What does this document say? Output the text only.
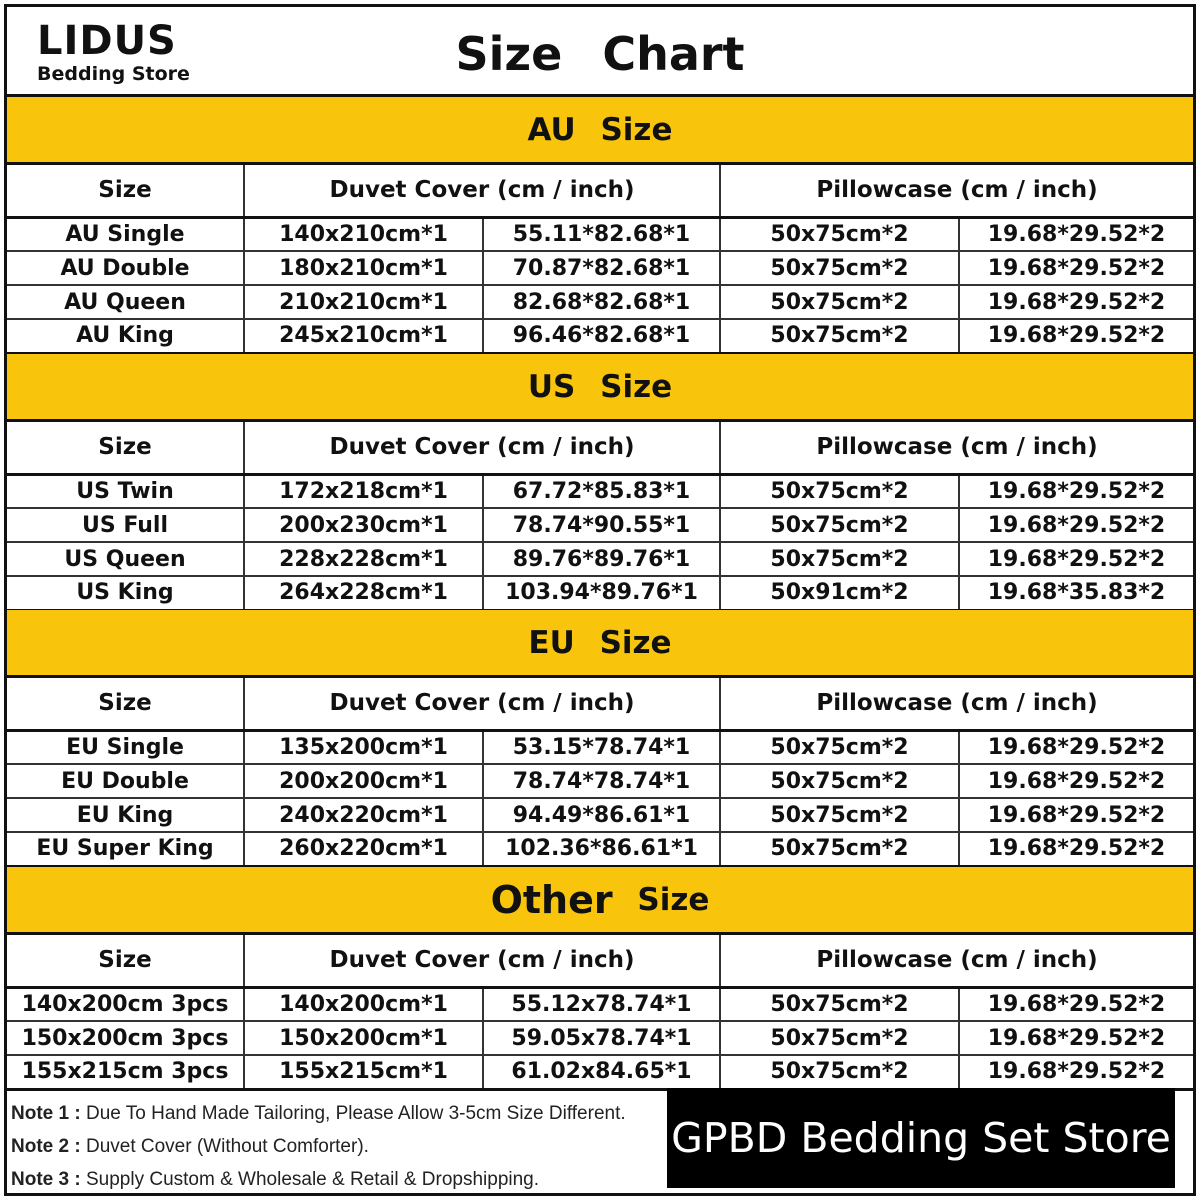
LIDUS
Bedding Store	Size Chart
AU
Size
Size	Duvet Cover (cm / inch)		Pillowcase (cm / inch)	
AU Single	140x210cm*1	55.11*82.68*1	50x75cm*2	19.68*29.52*2
AU Double	180x210cm*1	70.87*82.68*1	50x75cm*2	19.68*29.52*2
AU Queen	210x210cm*1	82.68*82.68*1	50x75cm*2	19.68*29.52*2
AU King	245x210cm*1	96.46*82.68*1	50x75cm*2	19.68*29.52*2
US
Size
Size	Duvet Cover (cm / inch)		Pillowcase (cm / inch)	
US Twin	172x218cm*1	67.72*85.83*1	50x75cm*2	19.68*29.52*2
US Full	200x230cm*1	78.74*90.55*1	50x75cm*2	19.68*29.52*2
US Queen	228x228cm*1	89.76*89.76*1	50x75cm*2	19.68*29.52*2
US King	264x228cm*1	103.94*89.76*1	50x91cm*2	19.68*35.83*2
EU
Size
Size	Duvet Cover (cm / inch)		Pillowcase (cm / inch)	
EU Single	135x200cm*1	53.15*78.74*1	50x75cm*2	19.68*29.52*2
EU Double	200x200cm*1	78.74*78.74*1	50x75cm*2	19.68*29.52*2
EU King	240x220cm*1	94.49*86.61*1	50x75cm*2	19.68*29.52*2
EU Super King	260x220cm*1	102.36*86.61*1	50x75cm*2	19.68*29.52*2
Other
Size
Size	Duvet Cover (cm / inch)		Pillowcase (cm / inch)	
140x200cm 3pcs	140x200cm*1	55.12x78.74*1	50x75cm*2	19.68*29.52*2
150x200cm 3pcs	150x200cm*1	59.05x78.74*1	50x75cm*2	19.68*29.52*2
155x215cm 3pcs	155x215cm*1	61.02x84.65*1	50x75cm*2	19.68*29.52*2
Note 1 : Due To Hand Made Tailoring, Please Allow 3-5cm Size Different.
Note 2 : Duvet Cover (Without Comforter).
Note 3 : Supply Custom & Wholesale & Retail & Dropshipping.
GPBD Bedding Set Store
